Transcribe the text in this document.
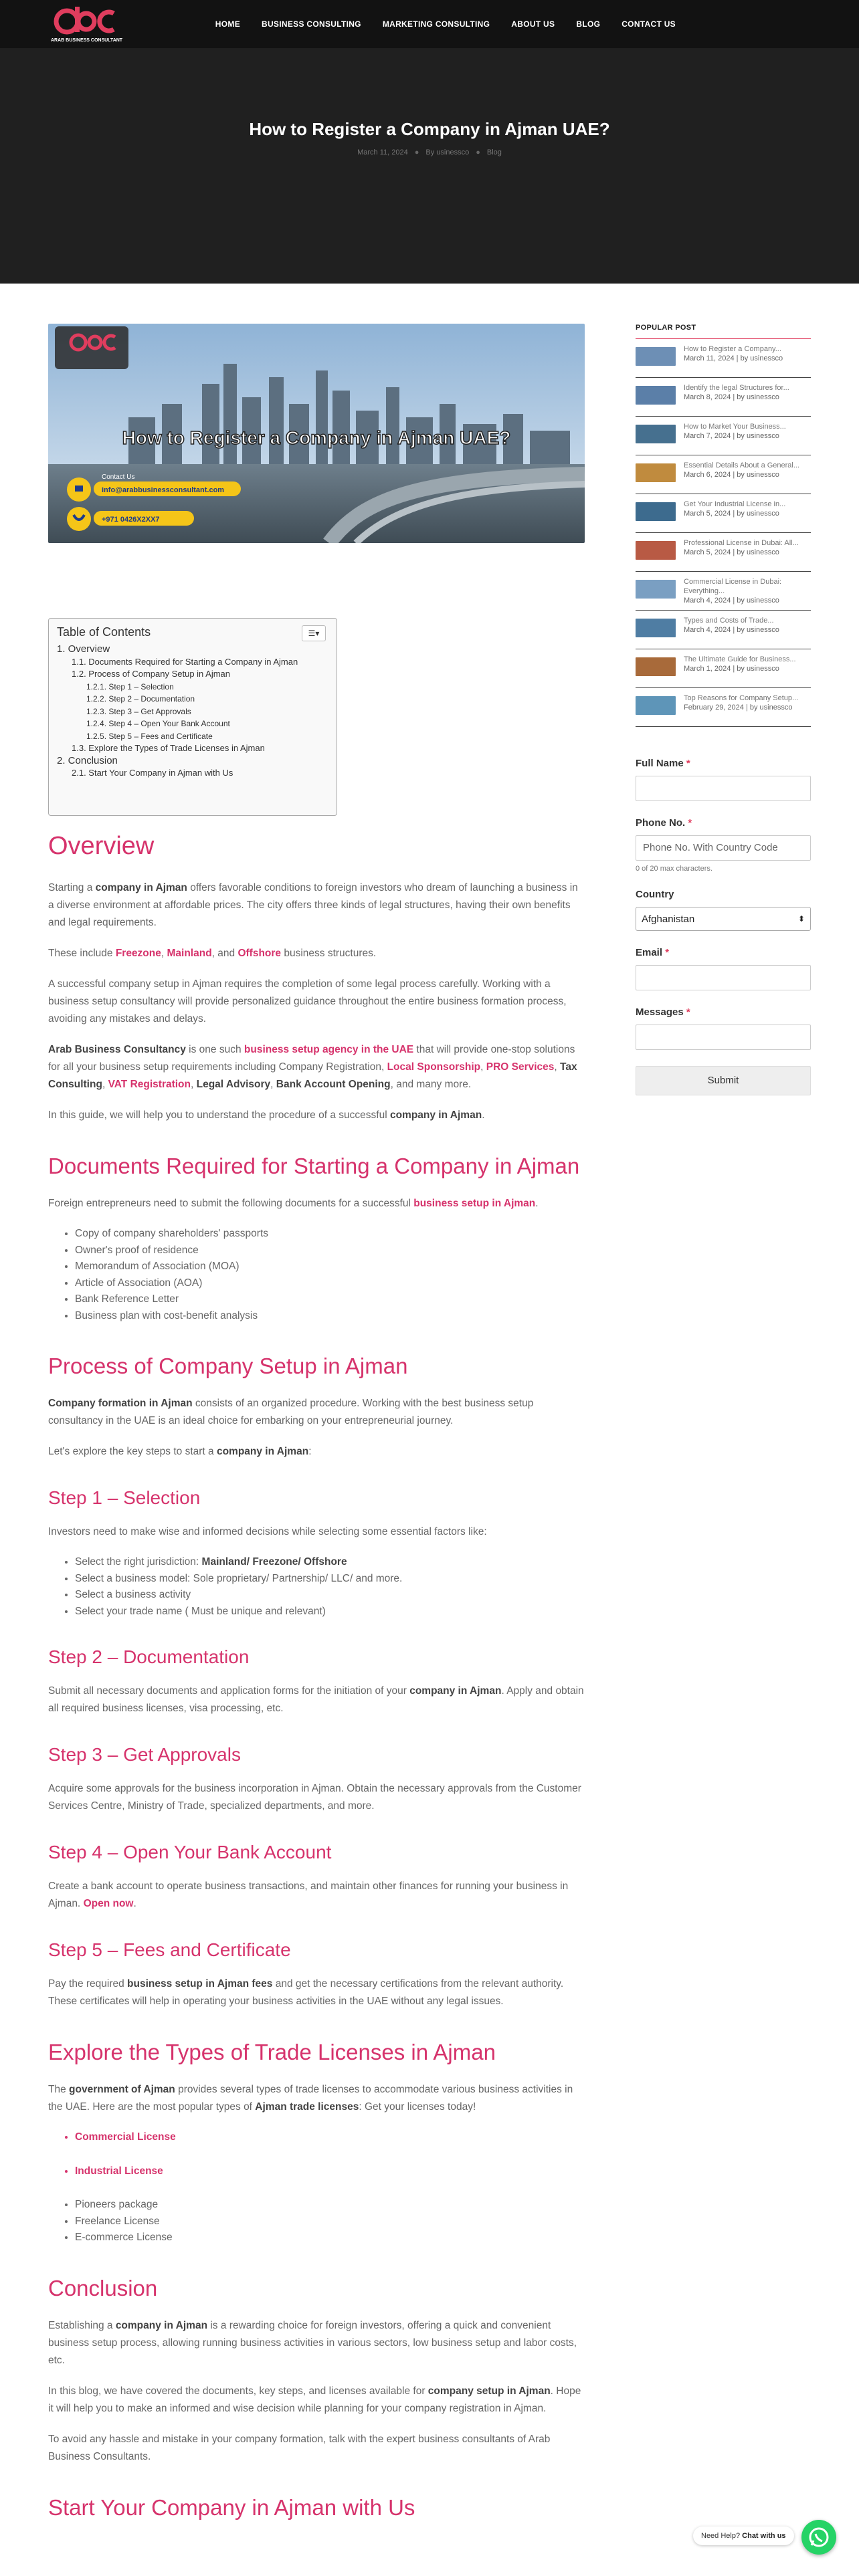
ARAB BUSINESS CONSULTANT
HOME	BUSINESS CONSULTING	MARKETING CONSULTING	ABOUT US	BLOG	CONTACT US
How to Register a Company in Ajman UAE?
March 11, 2024 ● By usinessco ● Blog
How to Register a Company in Ajman UAE?
Contact Us
info@arabbusinessconsultant.com
+971 0426X2XX7
Table of Contents	☰▾
1. Overview
1.1. Documents Required for Starting a Company in Ajman
1.2. Process of Company Setup in Ajman
1.2.1. Step 1 – Selection
1.2.2. Step 2 – Documentation
1.2.3. Step 3 – Get Approvals
1.2.4. Step 4 – Open Your Bank Account
1.2.5. Step 5 – Fees and Certificate
1.3. Explore the Types of Trade Licenses in Ajman
2. Conclusion
2.1. Start Your Company in Ajman with Us
Overview

Starting a company in Ajman offers favorable conditions to foreign investors who dream of launching a business in a diverse environment at affordable prices. The city offers three kinds of legal structures, having their own benefits and legal requirements.

These include Freezone, Mainland, and Offshore business structures.

A successful company setup in Ajman requires the completion of some legal process carefully. Working with a business setup consultancy will provide personalized guidance throughout the entire business formation process, avoiding any mistakes and delays.

Arab Business Consultancy is one such business setup agency in the UAE that will provide one-stop solutions for all your business setup requirements including Company Registration, Local Sponsorship, PRO Services, Tax Consulting, VAT Registration, Legal Advisory, Bank Account Opening, and many more.

In this guide, we will help you to understand the procedure of a successful company in Ajman.

Documents Required for Starting a Company in Ajman

Foreign entrepreneurs need to submit the following documents for a successful business setup in Ajman.

• Copy of company shareholders' passports
• Owner's proof of residence
• Memorandum of Association (MOA)
• Article of Association (AOA)
• Bank Reference Letter
• Business plan with cost-benefit analysis
Process of Company Setup in Ajman

Company formation in Ajman consists of an organized procedure. Working with the best business setup consultancy in the UAE is an ideal choice for embarking on your entrepreneurial journey.

Let's explore the key steps to start a company in Ajman:

Step 1 – Selection

Investors need to make wise and informed decisions while selecting some essential factors like:

• Select the right jurisdiction: Mainland/ Freezone/ Offshore
• Select a business model: Sole proprietary/ Partnership/ LLC/ and more.
• Select a business activity
• Select your trade name ( Must be unique and relevant)
Step 2 – Documentation

Submit all necessary documents and application forms for the initiation of your company in Ajman. Apply and obtain all required business licenses, visa processing, etc.

Step 3 – Get Approvals

Acquire some approvals for the business incorporation in Ajman. Obtain the necessary approvals from the Customer Services Centre, Ministry of Trade, specialized departments, and more.

Step 4 – Open Your Bank Account

Create a bank account to operate business transactions, and maintain other finances for running your business in Ajman. Open now.

Step 5 – Fees and Certificate

Pay the required business setup in Ajman fees and get the necessary certifications from the relevant authority. These certificates will help in operating your business activities in the UAE without any legal issues.

Explore the Types of Trade Licenses in Ajman

The government of Ajman provides several types of trade licenses to accommodate various business activities in the UAE. Here are the most popular types of Ajman trade licenses: Get your licenses today!

• Commercial License
• Industrial License
• Pioneers package
• Freelance License
• E-commerce License
Conclusion

Establishing a company in Ajman is a rewarding choice for foreign investors, offering a quick and convenient business setup process, allowing running business activities in various sectors, low business setup and labor costs, etc.

In this blog, we have covered the documents, key steps, and licenses available for company setup in Ajman. Hope it will help you to make an informed and wise decision while planning for your company registration in Ajman.

To avoid any hassle and mistake in your company formation, talk with the expert business consultants of Arab Business Consultants.

Start Your Company in Ajman with Us
POPULAR POST
How to Register a Company...
March 11, 2024 | by usinessco
Identify the legal Structures for...
March 8, 2024 | by usinessco
How to Market Your Business...
March 7, 2024 | by usinessco
Essential Details About a General...
March 6, 2024 | by usinessco
Get Your Industrial License in...
March 5, 2024 | by usinessco
Professional License in Dubai: All...
March 5, 2024 | by usinessco
Commercial License in Dubai: Everything...
March 4, 2024 | by usinessco
Types and Costs of Trade...
March 4, 2024 | by usinessco
The Ultimate Guide for Business...
March 1, 2024 | by usinessco
Top Reasons for Company Setup...
February 29, 2024 | by usinessco
Full Name *
Phone No. *
Phone No. With Country Code
0 of 20 max characters.
Country
Afghanistan	⬍
Email *
Messages *
Submit
Need Help? Chat with us
